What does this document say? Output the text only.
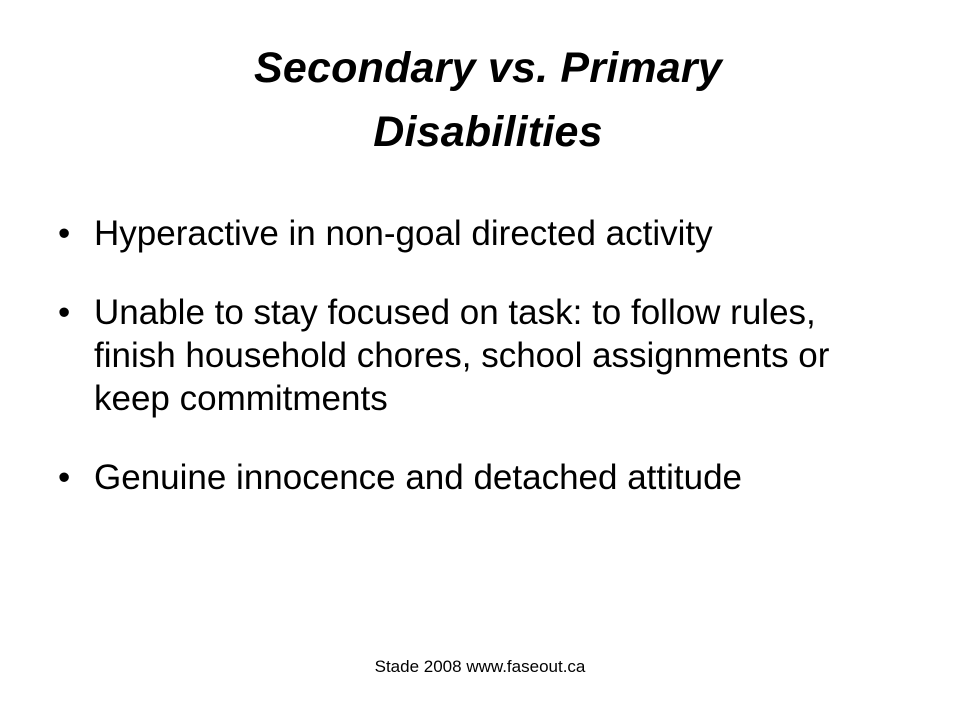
Secondary vs. Primary
Disabilities
• Hyperactive in non-goal directed activity
• Unable to stay focused on task: to follow rules, finish household chores, school assignments or keep commitments
• Genuine innocence and detached attitude
Stade 2008 www.faseout.ca
